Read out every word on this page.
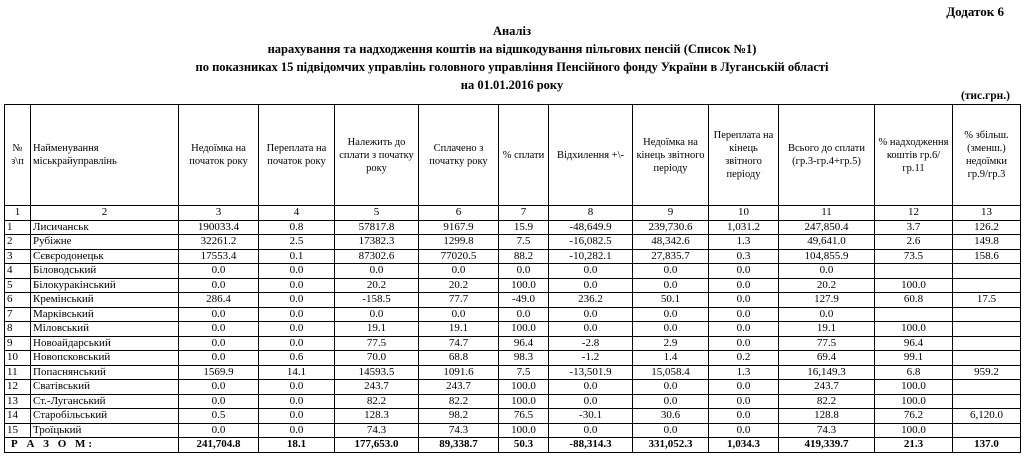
Додаток 6
Аналіз
нарахування та надходження коштів на відшкодування пільгових пенсій (Список №1)
по показниках 15 підвідомчих управлінь головного управління Пенсійного фонду України в Луганській області
на 01.01.2016 року
(тис.грн.)
№ з\п	Найменування міськрайуправлінь	Недоїмка на початок року	Переплата на початок року	Належить до сплати з початку року	Сплачено з початку року	% сплати	Відхилення +\-	Недоїмка на кінець звітного періоду	Переплата на кінець звітного періоду	Всього до сплати (гр.3-гр.4+гр.5)	% надходження коштів гр.6/гр.11	% збільш. (зменш.) недоїмки гр.9/гр.3
1	2	3	4	5	6	7	8	9	10	11	12	13
1	Лисичанськ	190033.4	0.8	57817.8	9167.9	15.9	-48,649.9	239,730.6	1,031.2	247,850.4	3.7	126.2
2	Рубіжне	32261.2	2.5	17382.3	1299.8	7.5	-16,082.5	48,342.6	1.3	49,641.0	2.6	149.8
3	Сєвєродонецьк	17553.4	0.1	87302.6	77020.5	88.2	-10,282.1	27,835.7	0.3	104,855.9	73.5	158.6
4	Біловодський	0.0	0.0	0.0	0.0	0.0	0.0	0.0	0.0	0.0		
5	Білокуракінський	0.0	0.0	20.2	20.2	100.0	0.0	0.0	0.0	20.2	100.0	
6	Кремінський	286.4	0.0	-158.5	77.7	-49.0	236.2	50.1	0.0	127.9	60.8	17.5
7	Марківський	0.0	0.0	0.0	0.0	0.0	0.0	0.0	0.0	0.0		
8	Міловський	0.0	0.0	19.1	19.1	100.0	0.0	0.0	0.0	19.1	100.0	
9	Новоайдарський	0.0	0.0	77.5	74.7	96.4	-2.8	2.9	0.0	77.5	96.4	
10	Новопсковський	0.0	0.6	70.0	68.8	98.3	-1.2	1.4	0.2	69.4	99.1	
11	Попаснянський	1569.9	14.1	14593.5	1091.6	7.5	-13,501.9	15,058.4	1.3	16,149.3	6.8	959.2
12	Сватівський	0.0	0.0	243.7	243.7	100.0	0.0	0.0	0.0	243.7	100.0	
13	Ст.-Луганський	0.0	0.0	82.2	82.2	100.0	0.0	0.0	0.0	82.2	100.0	
14	Старобільський	0.5	0.0	128.3	98.2	76.5	-30.1	30.6	0.0	128.8	76.2	6,120.0
15	Троїцький	0.0	0.0	74.3	74.3	100.0	0.0	0.0	0.0	74.3	100.0	
Р А З О М:		241,704.8	18.1	177,653.0	89,338.7	50.3	-88,314.3	331,052.3	1,034.3	419,339.7	21.3	137.0
